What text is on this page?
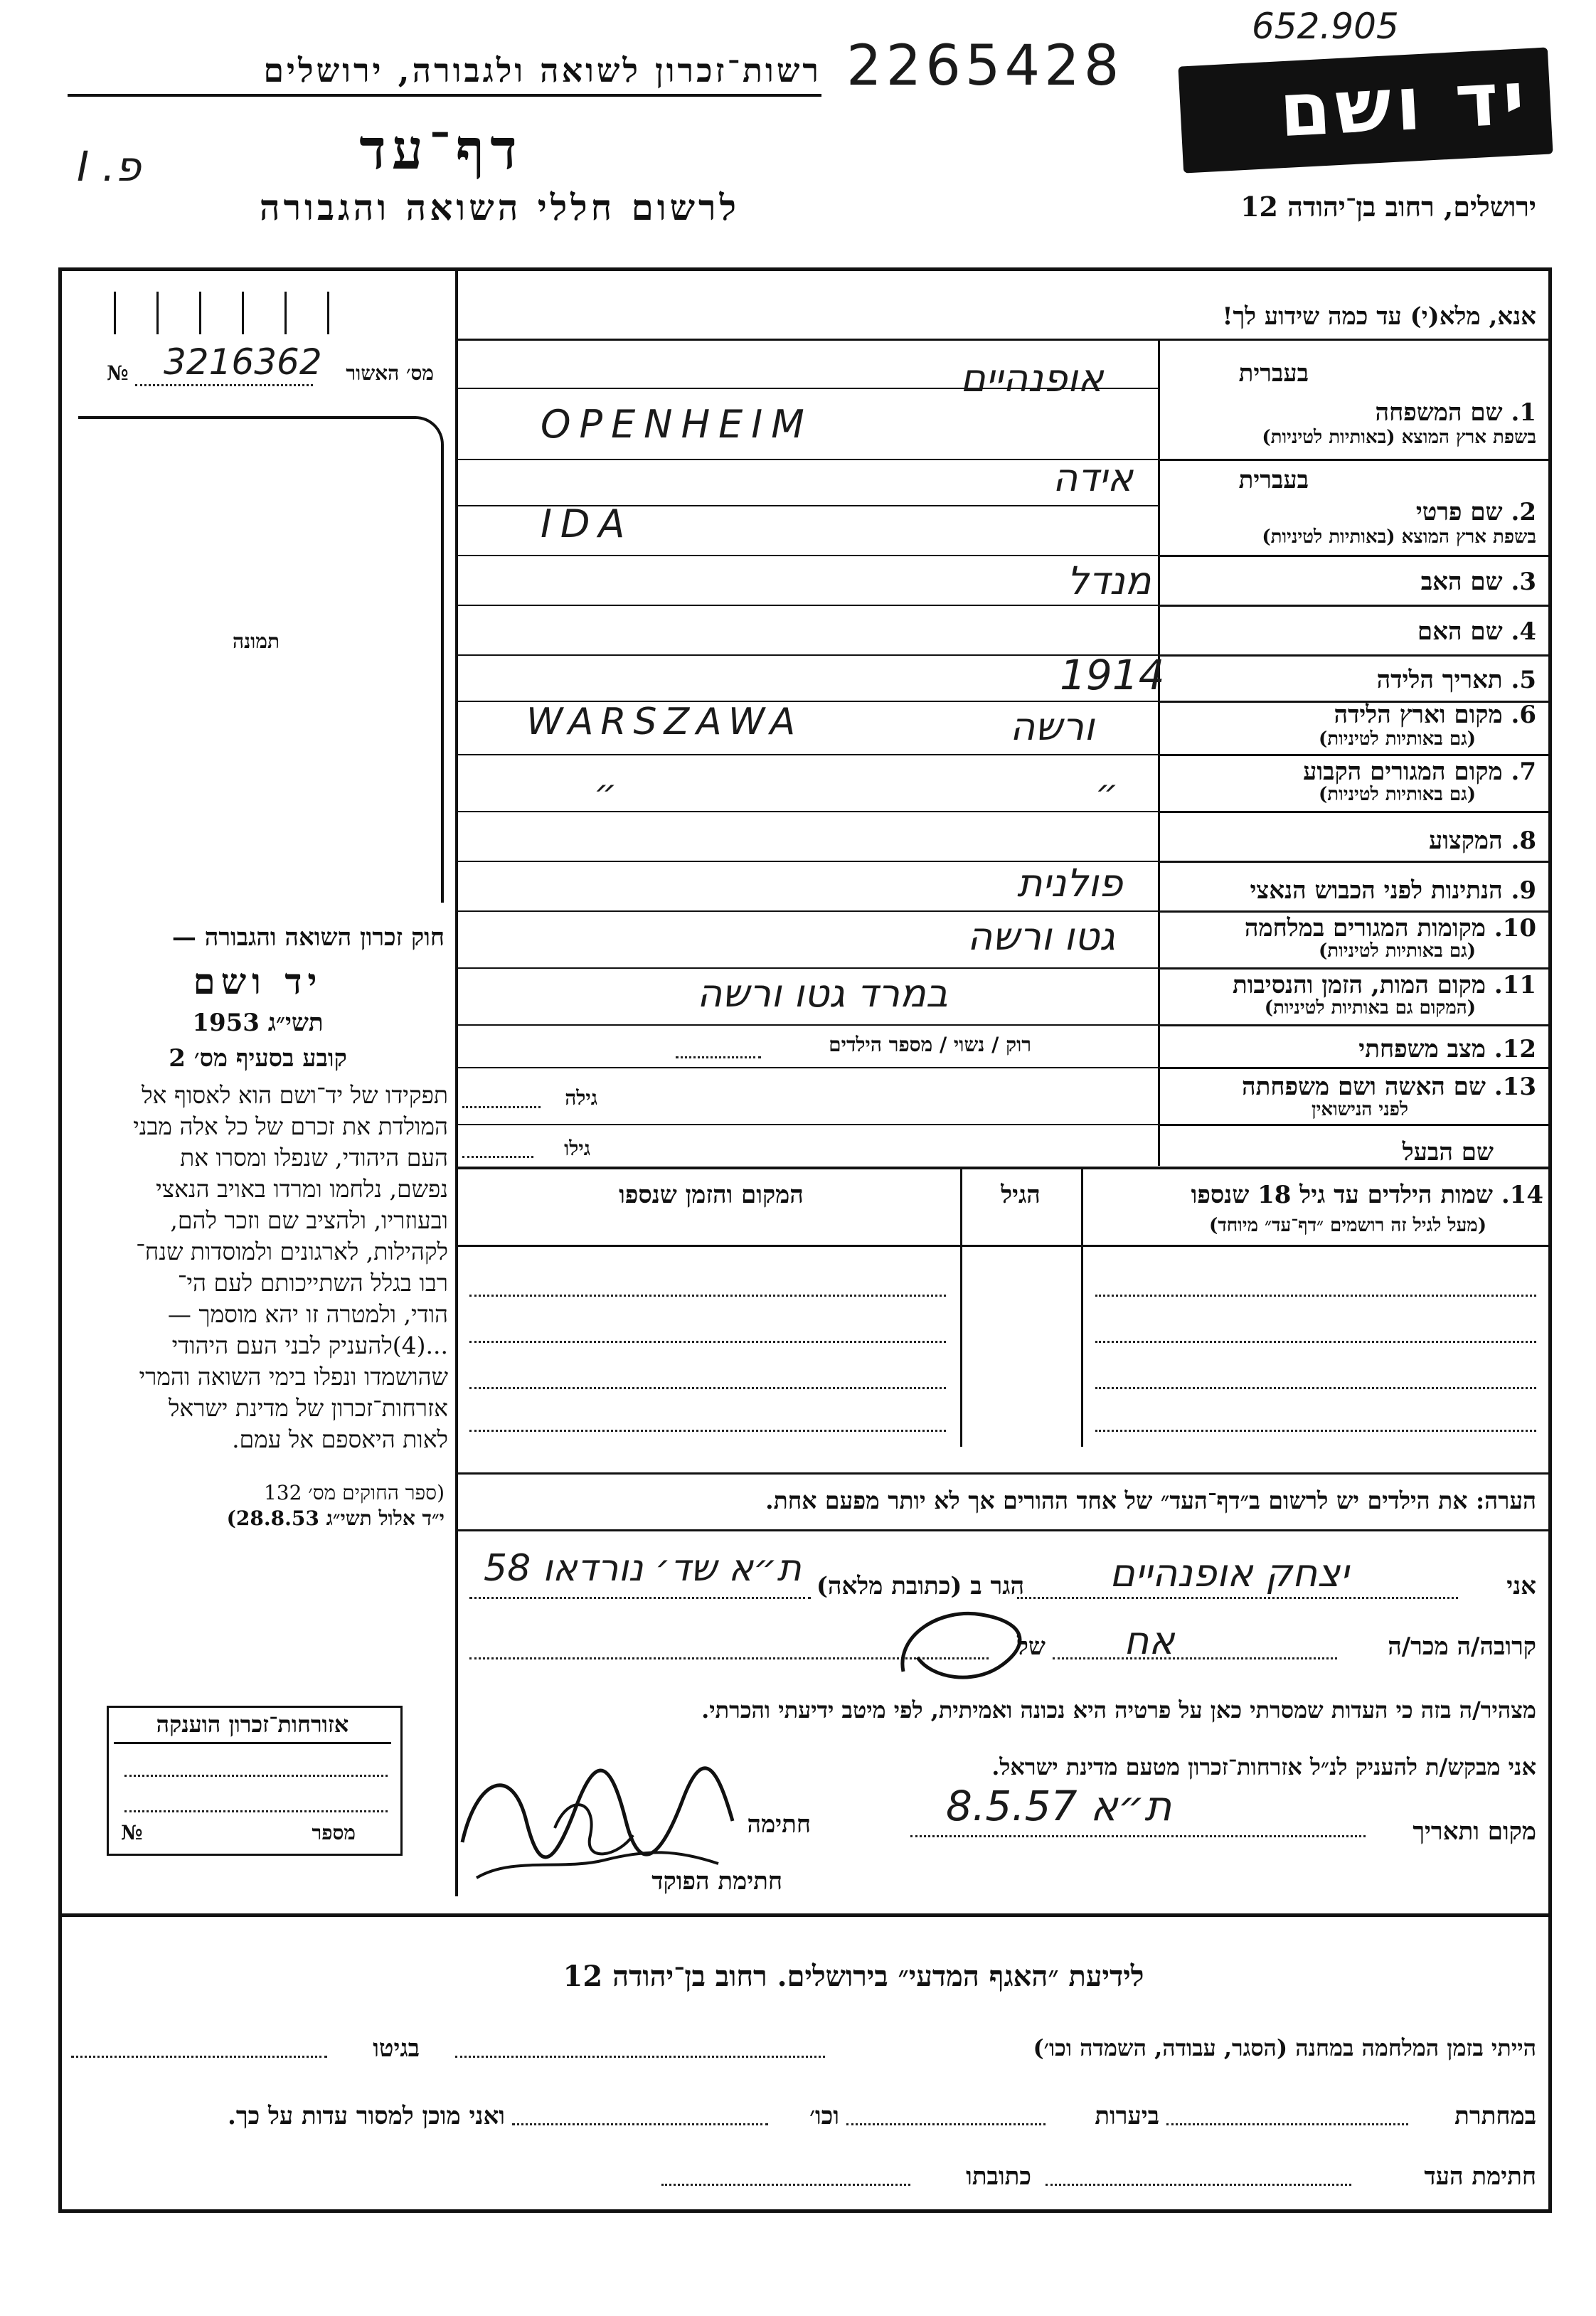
רשות־זכרון לשואה ולגבורה, ירושלים 2265428
652.905
יד ושם
פ. I	דף־עד
לרשום חללי השואה והגבורה	ירושלים, רחוב בן־יהודה 12
מס׳ האשור
№ 3216362
תמונה
חוק זכרון השואה והגבורה —
יד ושם
תשי״ג 1953
קובע בסעיף מס׳ 2
תפקידו של יד־ושם הוא לאסוף אל
המולדת את זכרם של כל אלה מבני
העם היהודי, שנפלו ומסרו את
נפשם, נלחמו ומרדו באויב הנאצי
ובעוזריו, ולהציב שם וזכר להם,
לקהילות, לארגונים ולמוסדות שנח־
רבו בגלל השתייכותם לעם הי־
הודי, ולמטרה זו יהא מוסמך —
...(4)להעניק לבני העם היהודי
שהושמדו ונפלו בימי השואה והמרי
אזרחות־זכרון של מדינת ישראל
לאות היאספם אל עמם.
(ספר החוקים מס׳ 132
י״ד אלול תשי״ג 28.8.53)
אזורחות־זכרון הוענקה
מספר
№
אנא, מלא(י) עד כמה שידוע לך!
בעברית
1. שם המשפחה
בשפת ארץ המוצא (באותיות לטיניות)
אופנהיים
OPENHEIM
בעברית
2. שם פרטי
בשפת ארץ המוצא (באותיות לטיניות)
אידה
IDA
3. שם האב
מנדל
4. שם האם
5. תאריך הלידה
1914
6. מקום וארץ הלידה
(גם באותיות לטיניות)
ורשה
WARSZAWA
7. מקום המגורים הקבוע
(גם באותיות לטיניות)
״
״
8. המקצוע
9. הנתינות לפני הכבוש הנאצי
פולנית
10. מקומות המגורים במלחמה
(גם באותיות לטיניות)
גטו ורשה
11. מקום המות, הזמן והנסיבות
(המקום גם באותיות לטיניות)
במרד גטו ורשה
12. מצב משפחתי
רוק / נשוי / מספר הילדים
13. שם האשה ושם משפחתה
לפני הנישואין
גילה
שם הבעל
גילו
14. שמות הילדים עד גיל 18 שנספו
(מעל לגיל זה רושמים ״דף־עד״ מיוחד)
הגיל
המקום והזמן שנספו
הערה: את הילדים יש לרשום ב״דף־העד״ של אחד ההורים אך לא יותר מפעם אחת.
אני
יצחק אופנהיים
הגר ב (כתובת מלאה)
ת״א שד׳ נורדאו 58
קרובה/ה מכר/ה
אח
של
מצהיר/ה בזה כי העדות שמסרתי כאן על פרטיה היא נכונה ואמיתית, לפי מיטב ידיעתי והכרתי.
אני מבקש/ת להעניק לנ״ל אזרחות־זכרון מטעם מדינת ישראל.
מקום ותאריך
ת״א 8.5.57
חתימה
חתימת הפוקד
לידיעת ״האגף המדעי״ בירושלים. רחוב בן־יהודה 12
הייתי בזמן המלחמה במחנה (הסגר, עבודה, השמדה וכו׳)
בגיטו
במחתרת
ביערות
וכו׳
ואני מוכן למסור עדות על כך.
חתימת העד
כתובתו
